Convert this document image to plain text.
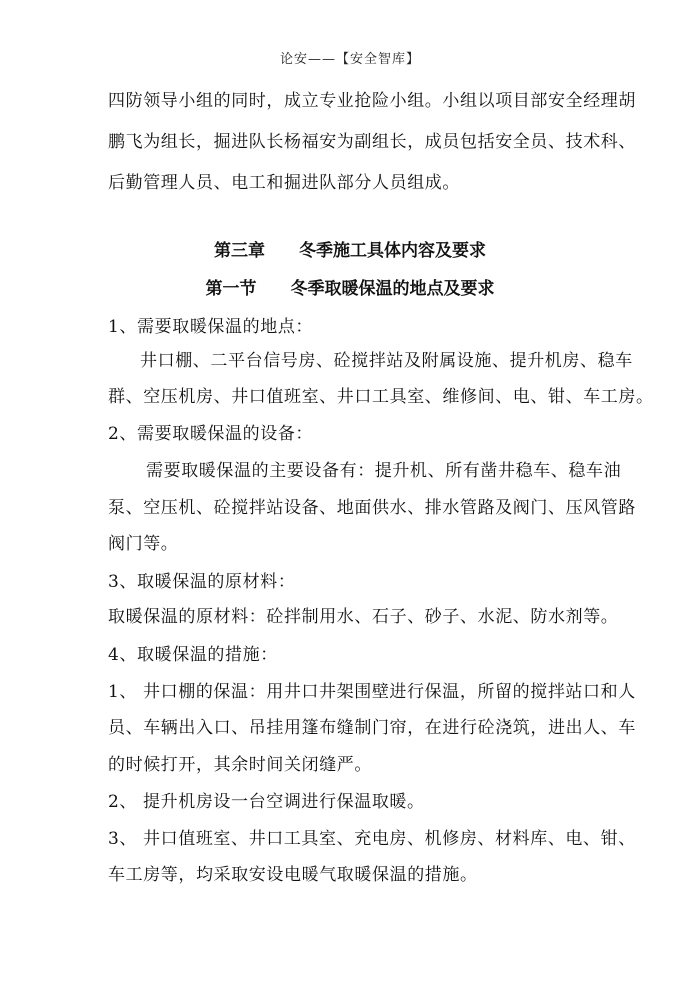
论安——【安全智库】
四防领导小组的同时，成立专业抢险小组。小组以项目部安全经理胡
鹏飞为组长，掘进队长杨福安为副组长，成员包括安全员、技术科、
后勤管理人员、电工和掘进队部分人员组成。
第三章 冬季施工具体内容及要求
第一节 冬季取暖保温的地点及要求
1、需要取暖保温的地点：
井口棚、二平台信号房、砼搅拌站及附属设施、提升机房、稳车
群、空压机房、井口值班室、井口工具室、维修间、电、钳、车工房。
2、需要取暖保温的设备：
需要取暖保温的主要设备有：提升机、所有凿井稳车、稳车油
泵、空压机、砼搅拌站设备、地面供水、排水管路及阀门、压风管路
阀门等。
3、取暖保温的原材料：
取暖保温的原材料：砼拌制用水、石子、砂子、水泥、防水剂等。
4、取暖保温的措施：
1、 井口棚的保温：用井口井架围壁进行保温，所留的搅拌站口和人
员、车辆出入口、吊挂用篷布缝制门帘，在进行砼浇筑，进出人、车
的时候打开，其余时间关闭缝严。
2、 提升机房设一台空调进行保温取暖。
3、 井口值班室、井口工具室、充电房、机修房、材料库、电、钳、
车工房等，均采取安设电暖气取暖保温的措施。
